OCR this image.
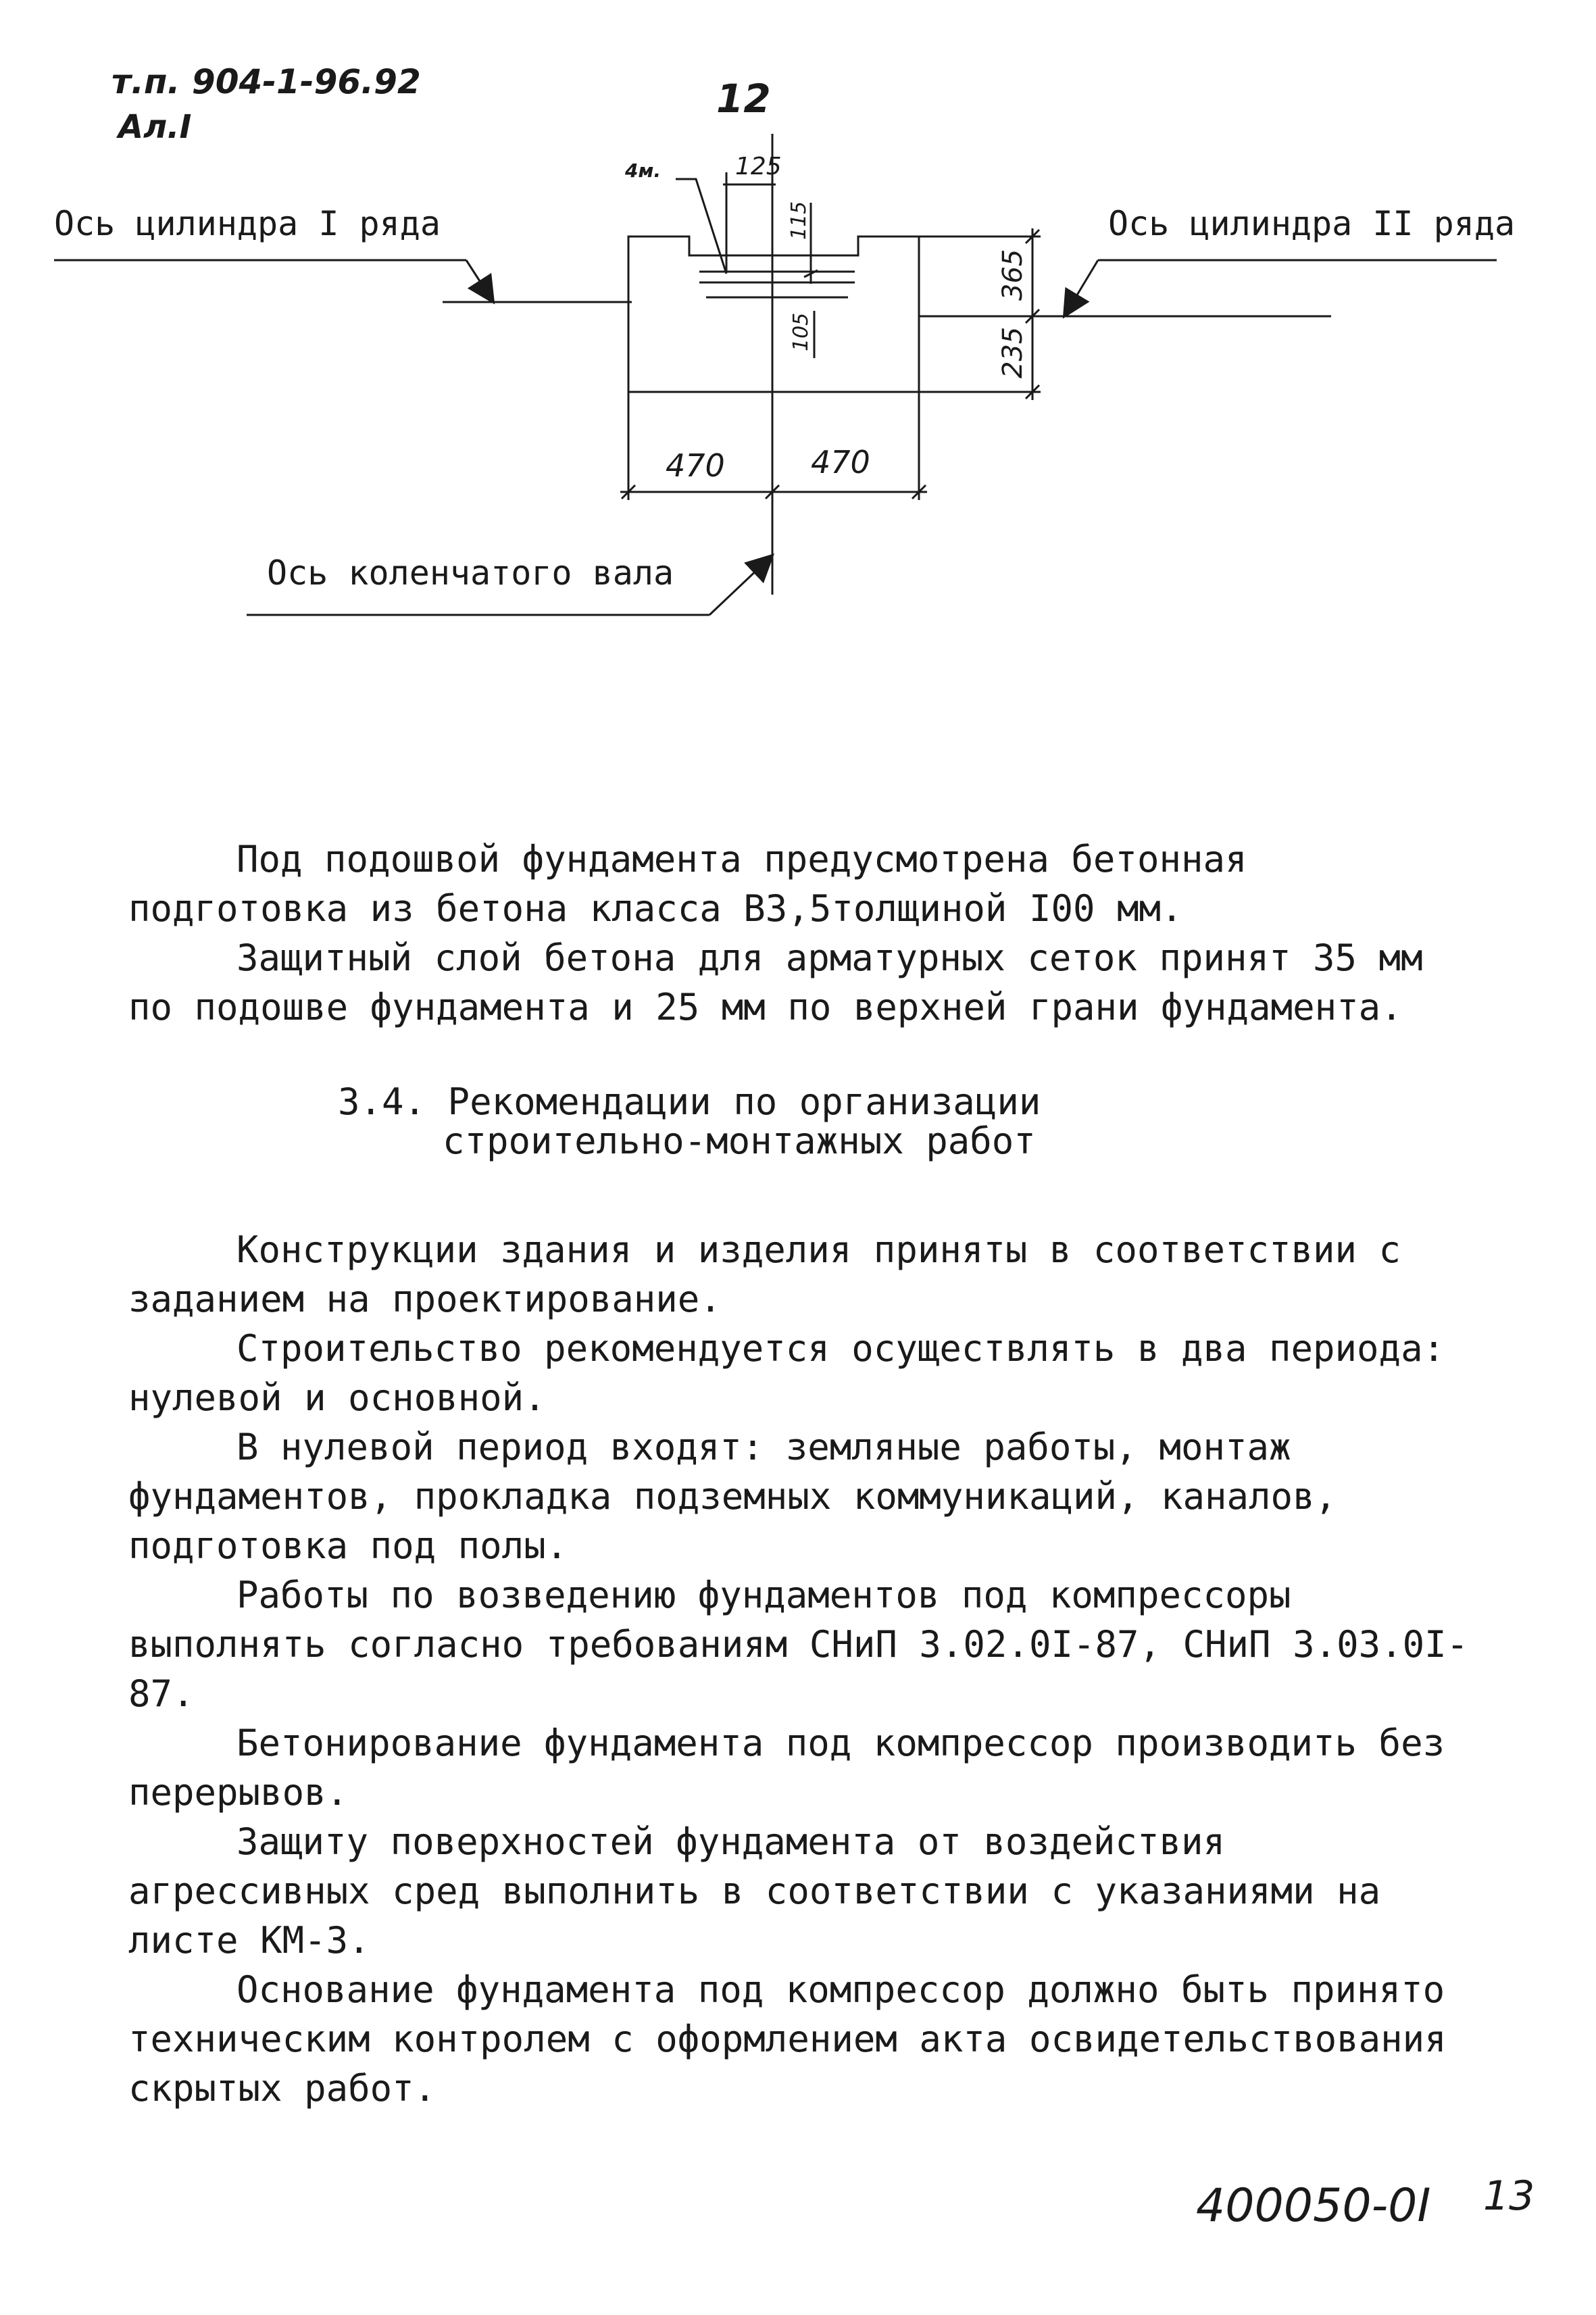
т.п. 904-1-96.92
Ал.I
12
Ось цилиндра I ряда	Ось цилиндра II ряда
Ось коленчатого вала
4м.	125
115
105
365
235
470	470

Под подошвой фундамента предусмотрена бетонная подготовка из бетона класса В3,5толщиной I00 мм.

Защитный слой бетона для арматурных сеток принят 35 мм по подошве фундамента и 25 мм по верхней грани фундамента.

3.4. Рекомендации по организации
строительно-монтажных работ

Конструкции здания и изделия приняты в соответствии с заданием на проектирование.

Строительство рекомендуется осуществлять в два периода: нулевой и основной.

В нулевой период входят: земляные работы, монтаж фундаментов, прокладка подземных коммуникаций, каналов, подготовка под полы.

Работы по возведению фундаментов под компрессоры выполнять согласно требованиям СНиП 3.02.0I-87, СНиП 3.03.0I-87.

Бетонирование фундамента под компрессор производить без перерывов.

Защиту поверхностей фундамента от воздействия агрессивных сред выполнить в соответствии с указаниями на листе КМ-3.

Основание фундамента под компрессор должно быть принято техническим контролем с оформлением акта освидетельствования скрытых работ.

400050-0I 13
